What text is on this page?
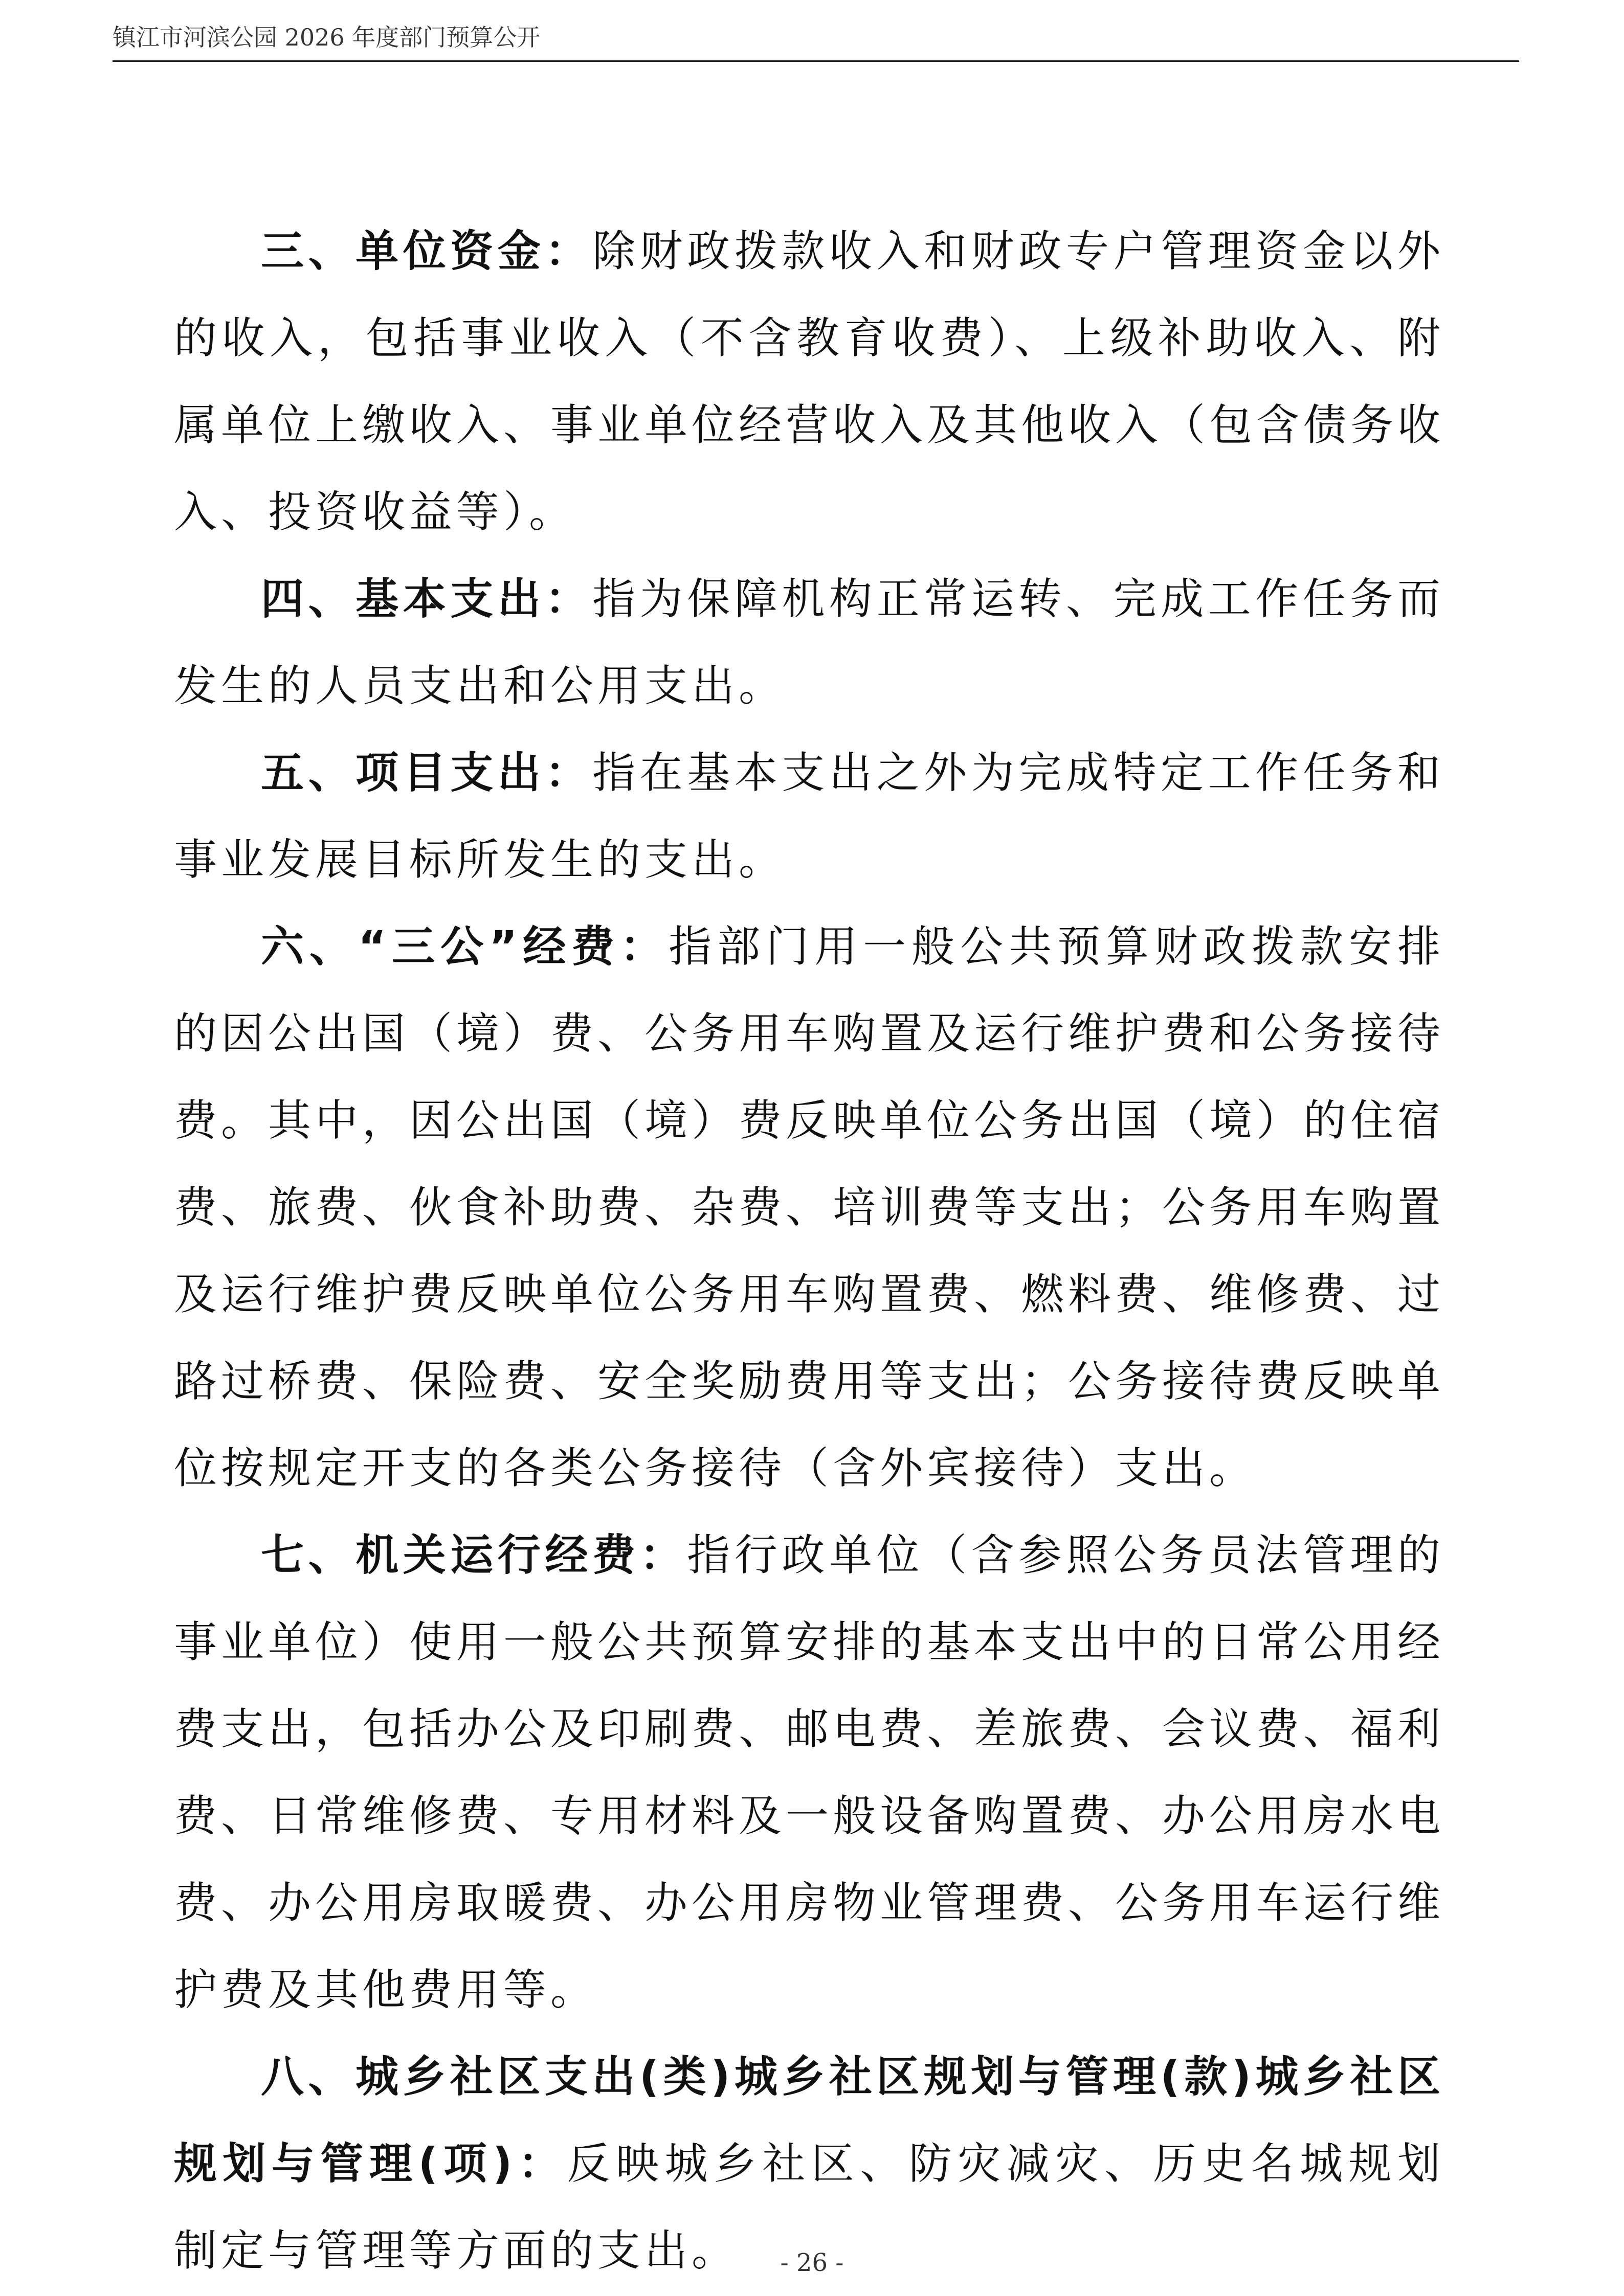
镇江市河滨公园 2026 年度部门预算公开

三、单位资金：除财政拨款收入和财政专户管理资金以外的收入，包括事业收入（不含教育收费）、上级补助收入、附属单位上缴收入、事业单位经营收入及其他收入（包含债务收入、投资收益等）。

四、基本支出：指为保障机构正常运转、完成工作任务而发生的人员支出和公用支出。

五、项目支出：指在基本支出之外为完成特定工作任务和事业发展目标所发生的支出。

六、“三公”经费：指部门用一般公共预算财政拨款安排的因公出国（境）费、公务用车购置及运行维护费和公务接待费。其中，因公出国（境）费反映单位公务出国（境）的住宿费、旅费、伙食补助费、杂费、培训费等支出；公务用车购置及运行维护费反映单位公务用车购置费、燃料费、维修费、过路过桥费、保险费、安全奖励费用等支出；公务接待费反映单位按规定开支的各类公务接待（含外宾接待）支出。

七、机关运行经费：指行政单位（含参照公务员法管理的事业单位）使用一般公共预算安排的基本支出中的日常公用经费支出，包括办公及印刷费、邮电费、差旅费、会议费、福利费、日常维修费、专用材料及一般设备购置费、办公用房水电费、办公用房取暖费、办公用房物业管理费、公务用车运行维护费及其他费用等。

八、城乡社区支出(类)城乡社区规划与管理(款)城乡社区规划与管理(项)：反映城乡社区、防灾减灾、历史名城规划制定与管理等方面的支出。	- 26 -
